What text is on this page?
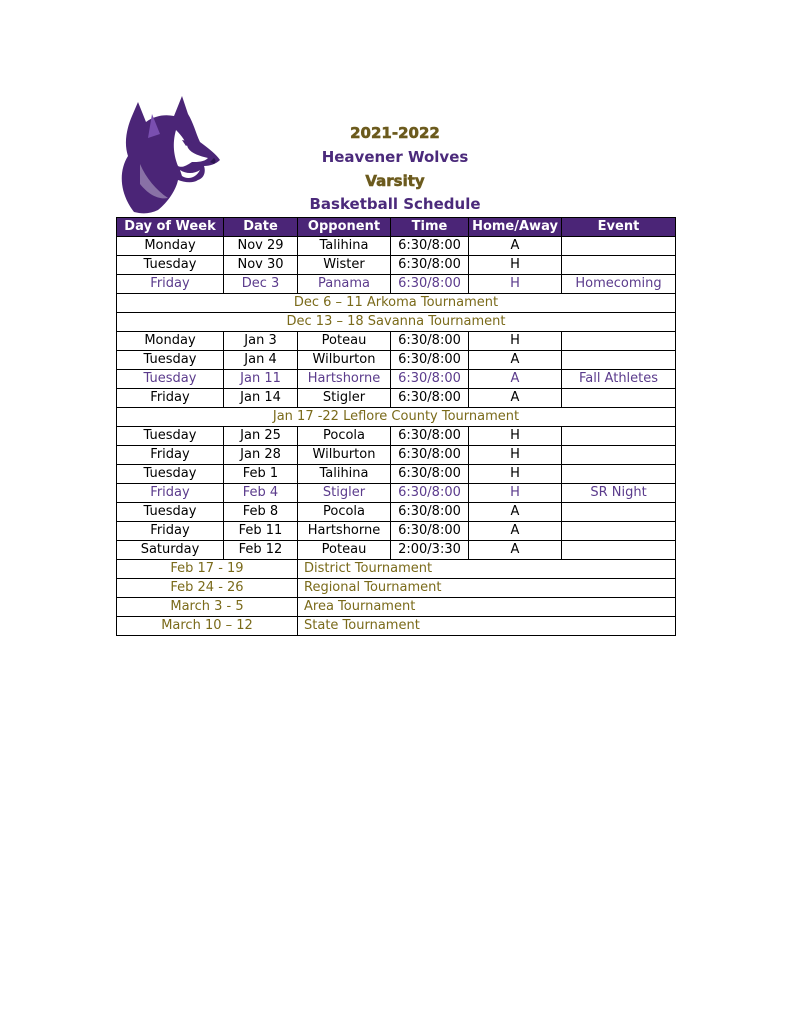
2021-2022
Heavener Wolves
Varsity
Basketball Schedule
Day of Week	Date	Opponent	Time	Home/Away	Event
Monday	Nov 29	Talihina	6:30/8:00	A	
Tuesday	Nov 30	Wister	6:30/8:00	H	
Friday	Dec 3	Panama	6:30/8:00	H	Homecoming
Dec 6 – 11 Arkoma Tournament					
Dec 13 – 18 Savanna Tournament					
Monday	Jan 3	Poteau	6:30/8:00	H	
Tuesday	Jan 4	Wilburton	6:30/8:00	A	
Tuesday	Jan 11	Hartshorne	6:30/8:00	A	Fall Athletes
Friday	Jan 14	Stigler	6:30/8:00	A	
Jan 17 -22 Leflore County Tournament					
Tuesday	Jan 25	Pocola	6:30/8:00	H	
Friday	Jan 28	Wilburton	6:30/8:00	H	
Tuesday	Feb 1	Talihina	6:30/8:00	H	
Friday	Feb 4	Stigler	6:30/8:00	H	SR Night
Tuesday	Feb 8	Pocola	6:30/8:00	A	
Friday	Feb 11	Hartshorne	6:30/8:00	A	
Saturday	Feb 12	Poteau	2:00/3:30	A	
Feb 17 - 19		District Tournament			
Feb 24 - 26		Regional Tournament			
March 3 - 5		Area Tournament			
March 10 – 12		State Tournament			
